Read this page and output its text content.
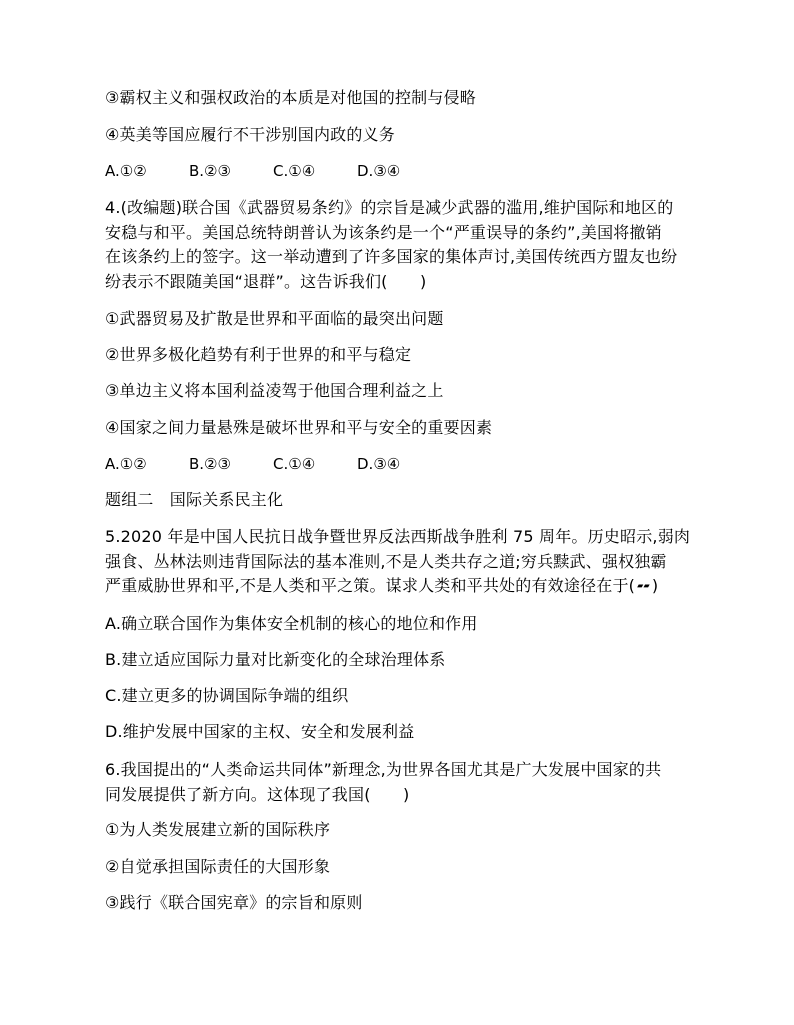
③霸权主义和强权政治的本质是对他国的控制与侵略
④英美等国应履行不干涉别国内政的义务
A.①②	B.②③	C.①④	D.③④
4.(改编题)联合国《武器贸易条约》的宗旨是减少武器的滥用,维护国际和地区的
安稳与和平。美国总统特朗普认为该条约是一个“严重误导的条约”,美国将撤销
在该条约上的签字。这一举动遭到了许多国家的集体声讨,美国传统西方盟友也纷
纷表示不跟随美国“退群”。这告诉我们(　　)
①武器贸易及扩散是世界和平面临的最突出问题
②世界多极化趋势有利于世界的和平与稳定
③单边主义将本国利益凌驾于他国合理利益之上
④国家之间力量悬殊是破坏世界和平与安全的重要因素
A.①②	B.②③	C.①④	D.③④
题组二　国际关系民主化
5.2020 年是中国人民抗日战争暨世界反法西斯战争胜利 75 周年。历史昭示,弱肉
强食、丛林法则违背国际法的基本准则,不是人类共存之道;穷兵黩武、强权独霸
严重威胁世界和平,不是人类和平之策。谋求人类和平共处的有效途径在于( ▰▰ )
A.确立联合国作为集体安全机制的核心的地位和作用
B.建立适应国际力量对比新变化的全球治理体系
C.建立更多的协调国际争端的组织
D.维护发展中国家的主权、安全和发展利益
6.我国提出的“人类命运共同体”新理念,为世界各国尤其是广大发展中国家的共
同发展提供了新方向。这体现了我国(　　)
①为人类发展建立新的国际秩序
②自觉承担国际责任的大国形象
③践行《联合国宪章》的宗旨和原则
